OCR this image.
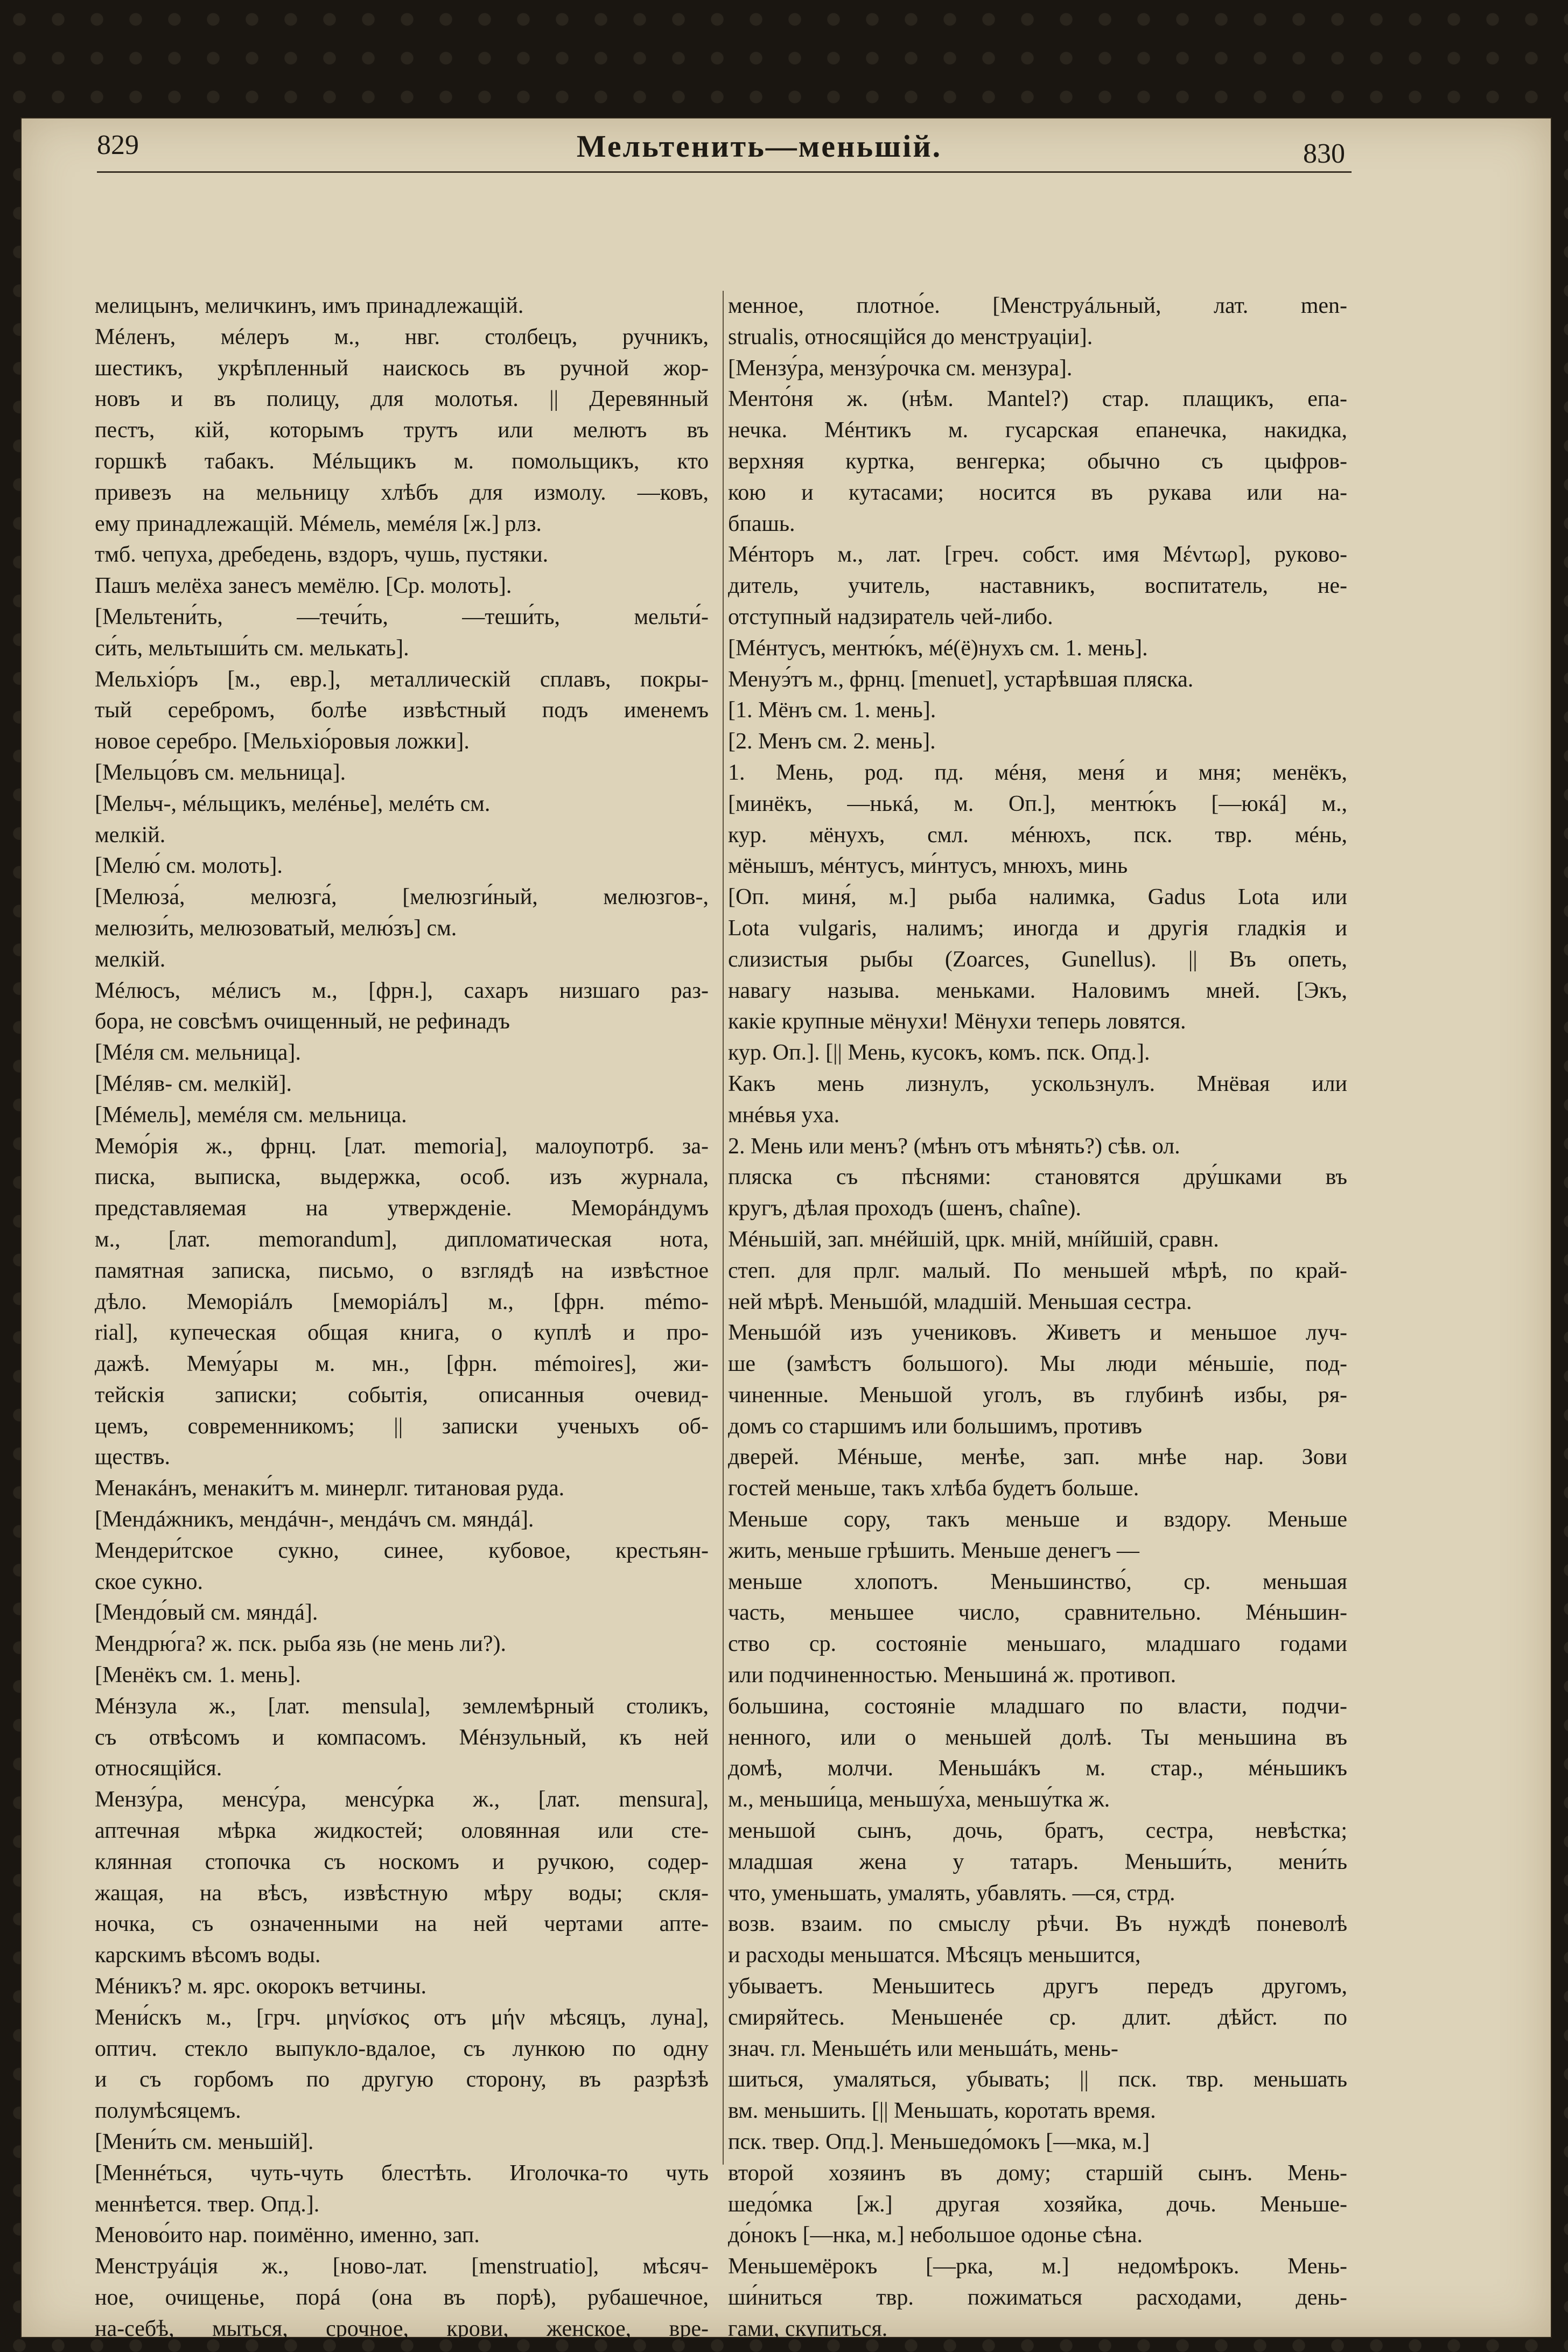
829	Мельтенить—меньшій.	830
мелицынъ, меличкинъ, имъ принадлежащій.
Мéленъ, мéлеръ м., нвг. столбецъ, ручникъ,
шестикъ, укрѣпленный наискось въ ручной жор-
новъ и въ полицу, для молотья. || Деревянный
пестъ, кій, которымъ трутъ или мелютъ въ
горшкѣ табакъ. Мéльщикъ м. помольщикъ, кто
привезъ на мельницу хлѣбъ для измолу. —ковъ,
ему принадлежащій. Мéмель, мемéля [ж.] рлз.
тмб. чепуха, дребедень, вздоръ, чушь, пустяки.
Пашъ мелёха занесъ мемёлю. [Ср. молоть].
[Мельтени́ть, —течи́ть, —теши́ть, мельти́-
си́ть, мельтыши́ть см. мелькать].
Мельхіо́ръ [м., евр.], металлическій сплавъ, покры-
тый серебромъ, болѣе извѣстный подъ именемъ
новое серебро. [Мельхіо́ровыя ложки].
[Мельцо́въ см. мельница].
[Мельч-, мéльщикъ, мелéнье], мелéть см.
мелкій.
[Мелю́ см. молоть].
[Мелюза́, мелюзга́, [мелюзги́ный, мелюзгов-,
мелюзи́ть, мелюзоватый, мелю́зъ] см.
мелкій.
Мéлюсъ, мéлисъ м., [фрн.], сахаръ низшаго раз-
бора, не совсѣмъ очищенный, не рефинадъ
[Мéля см. мельница].
[Мéляв- см. мелкій].
[Мéмель], мемéля см. мельница.
Мемо́рія ж., фрнц. [лат. memoria], малоупотрб. за-
писка, выписка, выдержка, особ. изъ журнала,
представляемая на утвержденіе. Меморáндумъ
м., [лат. memorandum], дипломатическая нота,
памятная записка, письмо, о взглядѣ на извѣстное
дѣло. Меморіáлъ [меморіáлъ] м., [фрн. mémo-
rial], купеческая общая книга, о куплѣ и про-
дажѣ. Мему́ары м. мн., [фрн. mémoires], жи-
тейскія записки; событія, описанныя очевид-
цемъ, современникомъ; || записки ученыхъ об-
ществъ.
Менакáнъ, менаки́тъ м. минерлг. титановая руда.
[Мендáжникъ, мендáчн-, мендáчъ см. мяндá].
Мендери́тское сукно, синее, кубовое, крестьян-
ское сукно.
[Мендо́вый см. мяндá].
Мендрю́га? ж. пск. рыба язь (не мень ли?).
[Менёкъ см. 1. мень].
Мéнзула ж., [лат. mensula], землемѣрный столикъ,
съ отвѣсомъ и компасомъ. Мéнзульный, къ ней
относящійся.
Мензу́ра, менсу́ра, менсу́рка ж., [лат. mensura],
аптечная мѣрка жидкостей; оловянная или сте-
клянная стопочка съ носкомъ и ручкою, содер-
жащая, на вѣсъ, извѣстную мѣру воды; скля-
ночка, съ означенными на ней чертами апте-
карскимъ вѣсомъ воды.
Мéникъ? м. ярс. окорокъ ветчины.
Мени́скъ м., [грч. μηνίσκος отъ μήν мѣсяцъ, луна],
оптич. стекло выпукло-вдалое, съ лункою по одну
и съ горбомъ по другую сторону, въ разрѣзѣ
полумѣсяцемъ.
[Мени́ть см. меньшій].
[Меннéться, чуть-чуть блестѣть. Иголочка-то чуть
меннѣется. твер. Опд.].
Меново́ито нар. поимённо, именно, зап.
Менструáція ж., [ново-лат. [menstruatio], мѣсяч-
ное, очищенье, порá (она въ порѣ), рубашечное,
на-себѣ, мыться, срочное, крови, женское, вре-
менное, плотно́е. [Менструáльный, лат. men-
strualis, относящійся до менструаціи].
[Мензу́ра, мензу́рочка см. мензура].
Менто́ня ж. (нѣм. Mantel?) стар. плащикъ, епа-
нечка. Мéнтикъ м. гусарская епанечка, накидка,
верхняя куртка, венгерка; обычно съ цыфров-
кою и кутасами; носится въ рукава или на-
бпашь.
Мéнторъ м., лат. [греч. собст. имя Μέντωρ], руково-
дитель, учитель, наставникъ, воспитатель, не-
отступный надзиратель чей-либо.
[Мéнтусъ, ментю́къ, мé(ё)нухъ см. 1. мень].
Менуэ́тъ м., фрнц. [menuet], устарѣвшая пляска.
[1. Мёнъ см. 1. мень].
[2. Менъ см. 2. мень].
1. Мень, род. пд. мéня, меня́ и мня; менёкъ,
[минёкъ, —нькá, м. Оп.], ментю́къ [—юкá] м.,
кур. мёнухъ, смл. мéнюхъ, пск. твр. мéнь,
мёнышъ, мéнтусъ, ми́нтусъ, мнюхъ, минь
[Оп. миня́, м.] рыба налимка, Gadus Lota или
Lota vulgaris, налимъ; иногда и другія гладкія и
слизистыя рыбы (Zoarces, Gunellus). || Въ опеть,
навагу называ. меньками. Наловимъ мней. [Экъ,
какіе крупные мёнухи! Мёнухи теперь ловятся.
кур. Оп.]. [|| Мень, кусокъ, комъ. пск. Опд.].
Какъ мень лизнулъ, ускользнулъ. Мнёвая или
мнéвья уха.
2. Мень или менъ? (мѣнъ отъ мѣнять?) сѣв. ол.
пляска съ пѣснями: становятся дру́шками въ
кругъ, дѣлая проходъ (шенъ, chaîne).
Мéньшій, зап. мнéйшій, црк. мній, мнíйшій, сравн.
степ. для прлг. малый. По меньшей мѣрѣ, по край-
ней мѣрѣ. Меньшóй, младшій. Меньшая сестра.
Меньшóй изъ учениковъ. Живетъ и меньшое луч-
ше (замѣстъ большого). Мы люди мéньшіе, под-
чиненные. Меньшой уголъ, въ глубинѣ избы, ря-
домъ со старшимъ или большимъ, противъ
дверей. Мéньше, менѣе, зап. мнѣе нар. Зови
гостей меньше, такъ хлѣба будетъ больше.
Меньше сору, такъ меньше и вздору. Меньше
жить, меньше грѣшить. Меньше денегъ —
меньше хлопотъ. Меньшинство́, ср. меньшая
часть, меньшее число, сравнительно. Мéньшин-
ство ср. состояніе меньшаго, младшаго годами
или подчиненностью. Меньшинá ж. противоп.
большина, состояніе младшаго по власти, подчи-
ненного, или о меньшей долѣ. Ты меньшина въ
домѣ, молчи. Меньшáкъ м. стар., мéньшикъ
м., меньши́ца, меньшу́ха, меньшу́тка ж.
меньшой сынъ, дочь, братъ, сестра, невѣстка;
младшая жена у татаръ. Меньши́ть, мени́ть
что, уменьшать, умалять, убавлять. —ся, стрд.
возв. взаим. по смыслу рѣчи. Въ нуждѣ поневолѣ
и расходы меньшатся. Мѣсяцъ меньшится,
убываетъ. Меньшитесь другъ передъ другомъ,
смиряйтесь. Меньшенéе ср. длит. дѣйст. по
знач. гл. Меньшéть или меньшáть, мень-
шиться, умаляться, убывать; || пск. твр. меньшать
вм. меньшить. [|| Меньшать, коротать время.
пск. твер. Опд.]. Меньшедо́мокъ [—мка, м.]
второй хозяинъ въ дому; старшій сынъ. Мень-
шедо́мка [ж.] другая хозяйка, дочь. Меньше-
до́нокъ [—нка, м.] небольшое одонье сѣна.
Меньшемёрокъ [—рка, м.] недомѣрокъ. Мень-
ши́ниться твр. пожиматься расходами, день-
гами, скупиться.
